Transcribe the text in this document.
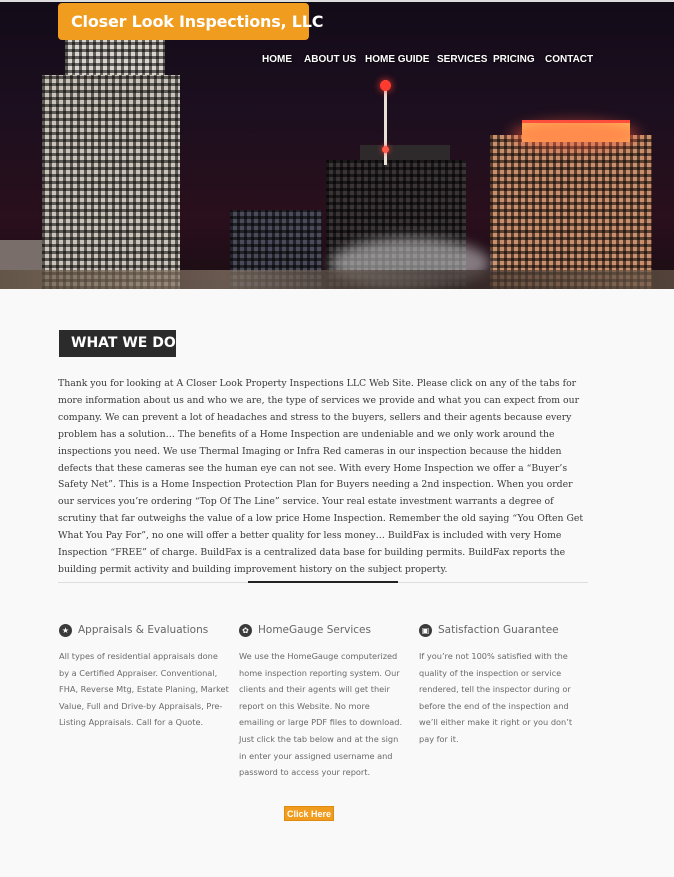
Closer Look Inspections, LLC
HOME ABOUT US HOME GUIDE SERVICES PRICING CONTACT
WHAT WE DO

Thank you for looking at A Closer Look Property Inspections LLC Web Site. Please click on any of the tabs for more information about us and who we are, the type of services we provide and what you can expect from our company. We can prevent a lot of headaches and stress to the buyers, sellers and their agents because every problem has a solution… The benefits of a Home Inspection are undeniable and we only work around the inspections you need. We use Thermal Imaging or Infra Red cameras in our inspection because the hidden defects that these cameras see the human eye can not see. With every Home Inspection we offer a “Buyer’s Safety Net”. This is a Home Inspection Protection Plan for Buyers needing a 2nd inspection. When you order our services you’re ordering “Top Of The Line” service. Your real estate investment warrants a degree of scrutiny that far outweighs the value of a low price Home Inspection. Remember the old saying “You Often Get What You Pay For”, no one will offer a better quality for less money… BuildFax is included with very Home Inspection “FREE” of charge. BuildFax is a centralized data base for building permits. BuildFax reports the building permit activity and building improvement history on the subject property.

★ Appraisals & Evaluations
All types of residential appraisals done by a Certified Appraiser. Conventional, FHA, Reverse Mtg, Estate Planing, Market Value, Full and Drive-by Appraisals, Pre-Listing Appraisals. Call for a Quote.
✿ HomeGauge Services
We use the HomeGauge computerized home inspection reporting system. Our clients and their agents will get their report on this Website. No more emailing or large PDF files to download. Just click the tab below and at the sign in enter your assigned username and password to access your report.
▣ Satisfaction Guarantee
If you’re not 100% satisfied with the quality of the inspection or service rendered, tell the inspector during or before the end of the inspection and we’ll either make it right or you don’t pay for it.
Click Here
